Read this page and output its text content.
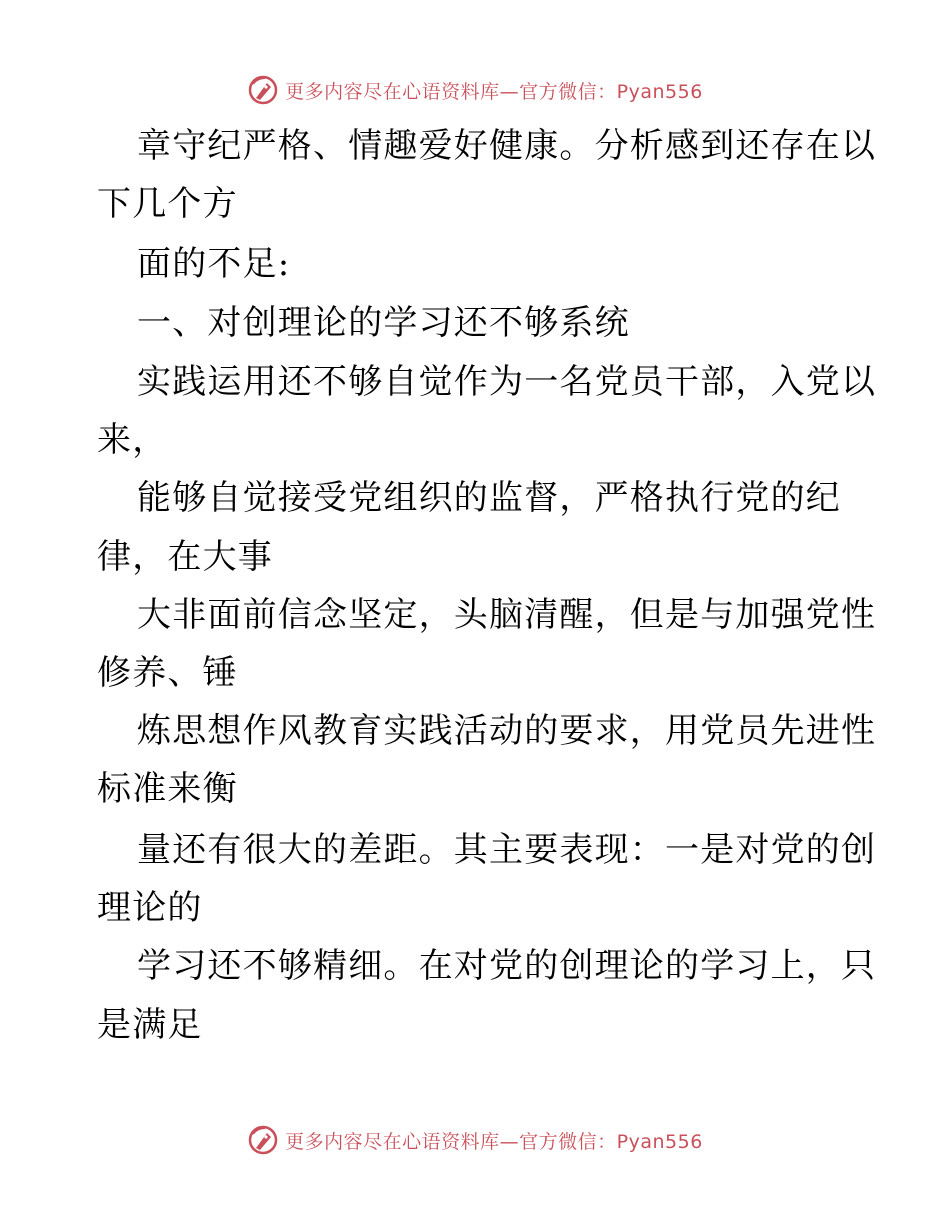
更多内容尽在心语资料库—官方微信：Pyan556
章守纪严格、情趣爱好健康。分析感到还存在以
下几个方
面的不足:
一、对创理论的学习还不够系统
实践运用还不够自觉作为一名党员干部，入党以
来，
能够自觉接受党组织的监督，严格执行党的纪
律，在大事
大非面前信念坚定，头脑清醒，但是与加强党性
修养、锤
炼思想作风教育实践活动的要求，用党员先进性
标准来衡
量还有很大的差距。其主要表现：一是对党的创
理论的
学习还不够精细。在对党的创理论的学习上，只
是满足
更多内容尽在心语资料库—官方微信：Pyan556
